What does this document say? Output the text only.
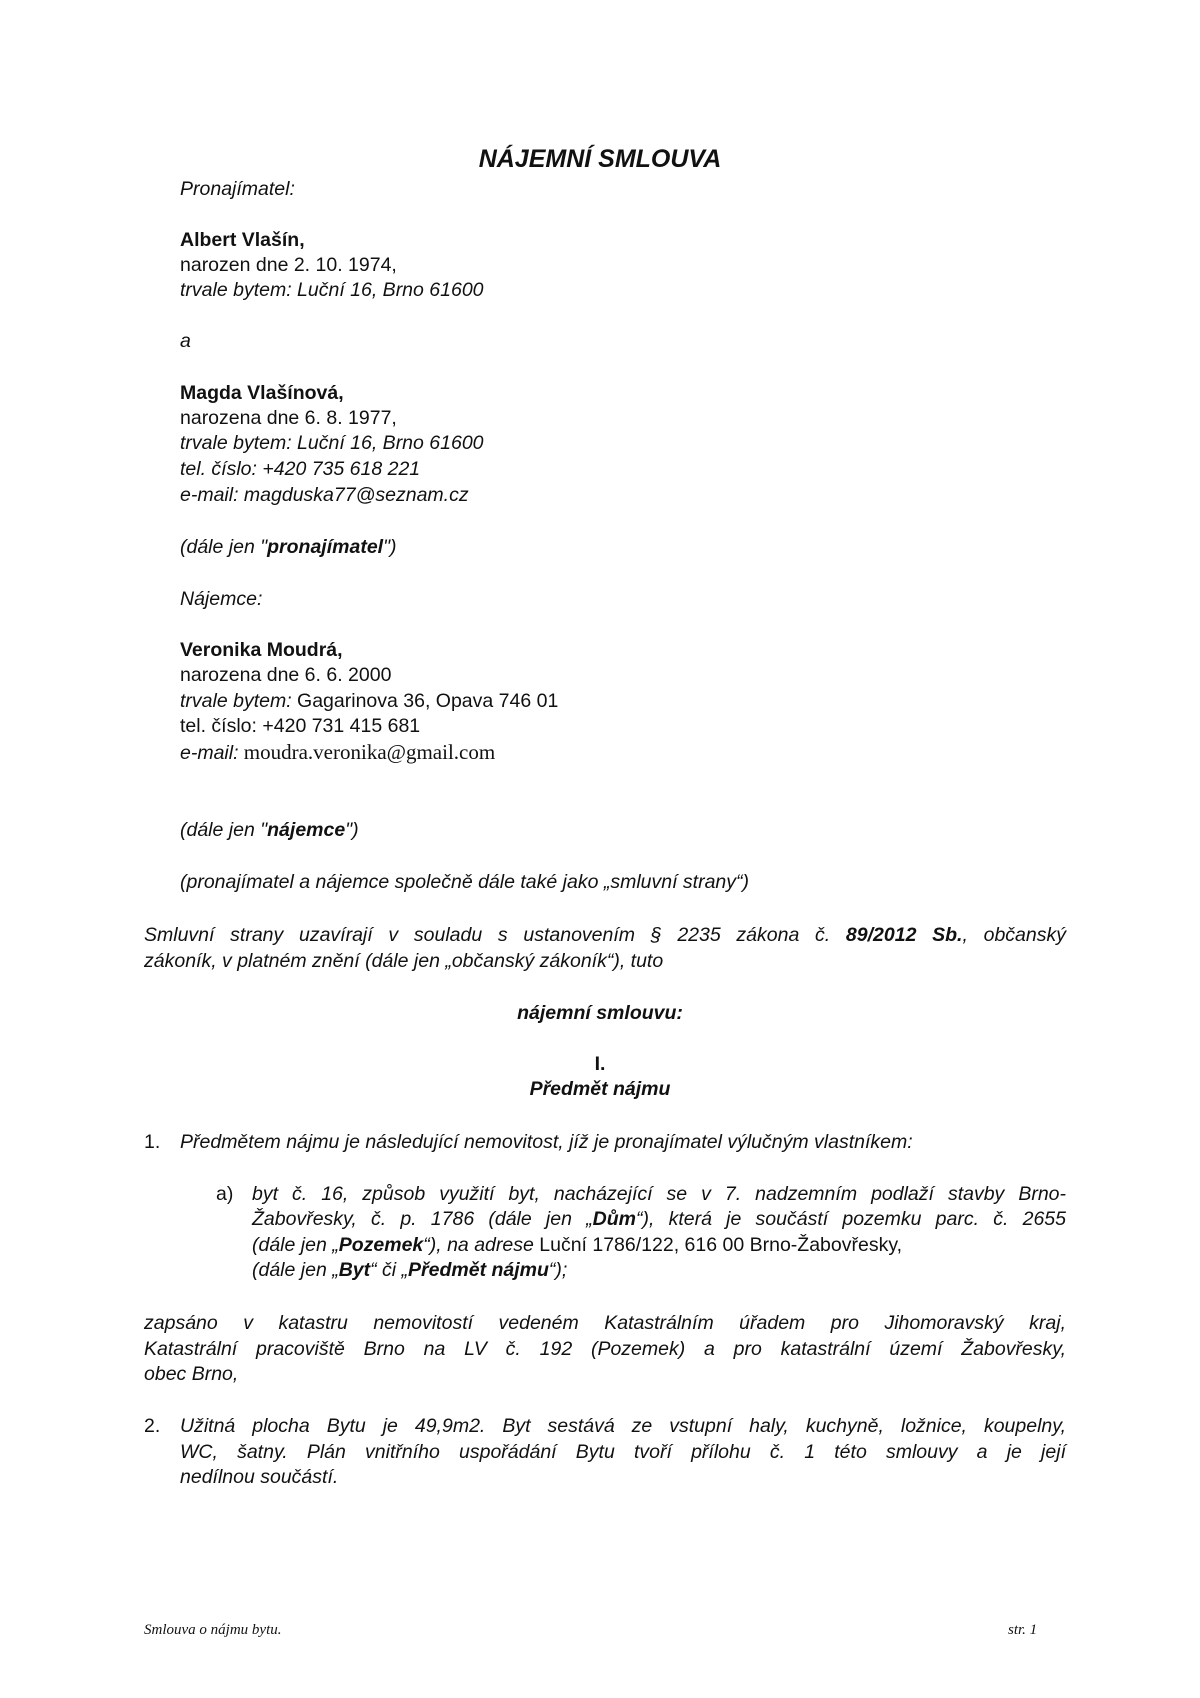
NÁJEMNÍ SMLOUVA
Pronajímatel:
Albert Vlašín,
narozen dne 2. 10. 1974,
trvale bytem: Luční 16, Brno 61600
a
Magda Vlašínová,
narozena dne 6. 8. 1977,
trvale bytem: Luční 16, Brno 61600
tel. číslo: +420 735 618 221
e-mail: magduska77@seznam.cz
(dále jen "pronajímatel")
Nájemce:
Veronika Moudrá,
narozena dne 6. 6. 2000
trvale bytem: Gagarinova 36, Opava 746 01
tel. číslo: +420 731 415 681
e-mail: moudra.veronika@gmail.com
(dále jen "nájemce")
(pronajímatel a nájemce společně dále také jako „smluvní strany“)
Smluvní strany uzavírají v souladu s ustanovením § 2235 zákona č. 89/2012 Sb., občanský
zákoník, v platném znění (dále jen „občanský zákoník“), tuto
nájemní smlouvu:
I.
Předmět nájmu
1. Předmětem nájmu je následující nemovitost, jíž je pronajímatel výlučným vlastníkem:
a) byt č. 16, způsob využití byt, nacházející se v 7. nadzemním podlaží stavby Brno-
Žabovřesky, č. p. 1786 (dále jen „Dům“), která je součástí pozemku parc. č. 2655
(dále jen „Pozemek“), na adrese Luční 1786/122, 616 00 Brno-Žabovřesky,
(dále jen „Byt“ či „Předmět nájmu“);
zapsáno v katastru nemovitostí vedeném Katastrálním úřadem pro Jihomoravský kraj,
Katastrální pracoviště Brno na LV č. 192 (Pozemek) a pro katastrální území Žabovřesky,
obec Brno,
2. Užitná plocha Bytu je 49,9m2. Byt sestává ze vstupní haly, kuchyně, ložnice, koupelny,
WC, šatny. Plán vnitřního uspořádání Bytu tvoří přílohu č. 1 této smlouvy a je její
nedílnou součástí.
Smlouva o nájmu bytu.	str. 1
